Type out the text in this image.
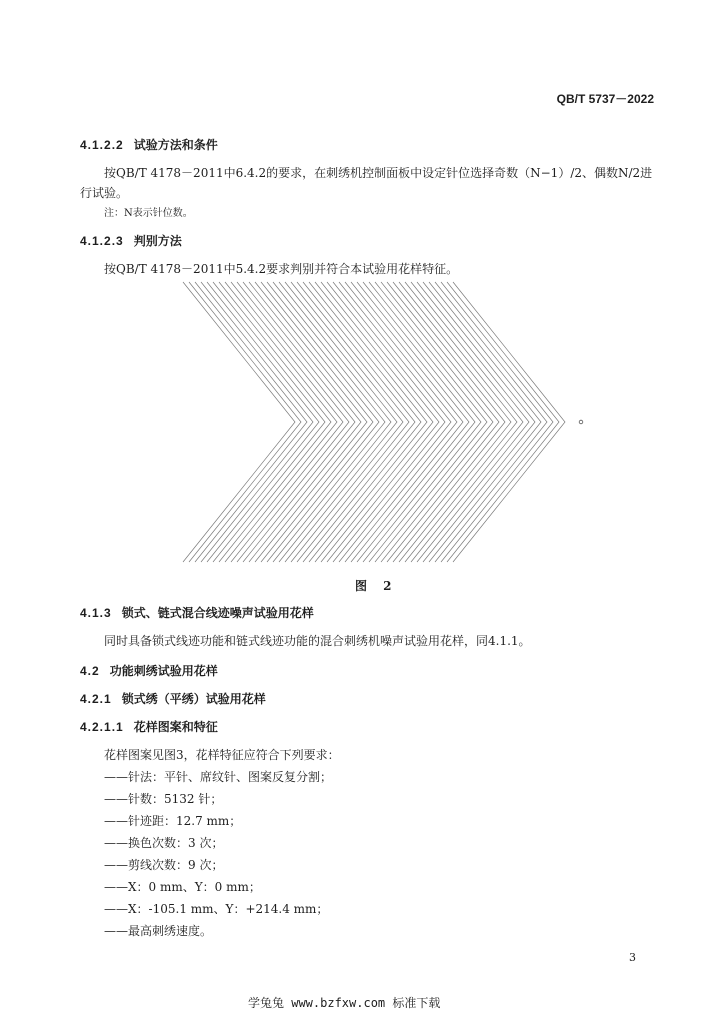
QB/T 5737－2022
4.1.2.2 试验方法和条件
按QB/T 4178－2011中6.4.2的要求，在刺绣机控制面板中设定针位选择奇数（N−1）/2、偶数N/2进
行试验。
注：N表示针位数。
4.1.2.3 判别方法
按QB/T 4178－2011中5.4.2要求判别并符合本试验用花样特征。
图 2
4.1.3 锁式、链式混合线迹噪声试验用花样
同时具备锁式线迹功能和链式线迹功能的混合刺绣机噪声试验用花样，同4.1.1。
4.2 功能刺绣试验用花样
4.2.1 锁式绣（平绣）试验用花样
4.2.1.1 花样图案和特征
花样图案见图3，花样特征应符合下列要求：
——针法：平针、席纹针、图案反复分割；
——针数：5132 针；
——针迹距：12.7 mm；
——换色次数：3 次；
——剪线次数：9 次；
——X：0 mm、Y：0 mm；
——X：-105.1 mm、Y：+214.4 mm；
——最高刺绣速度。
3
学兔兔 www.bzfxw.com 标准下载
